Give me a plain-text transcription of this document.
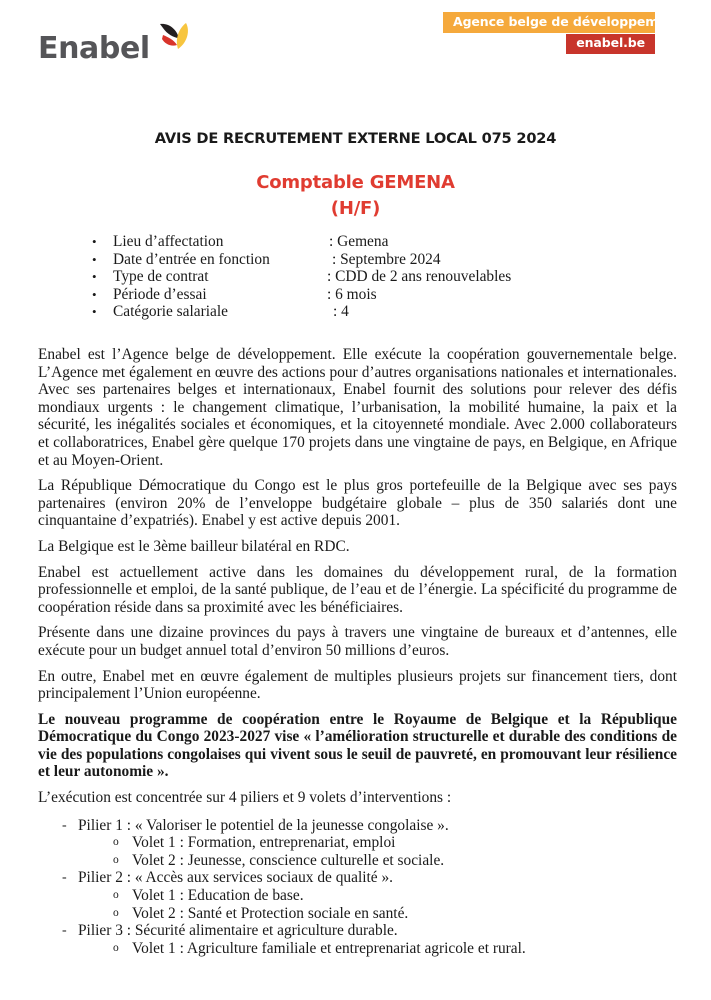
Enabel
Agence belge de développement
enabel.be
AVIS DE RECRUTEMENT EXTERNE LOCAL 075 2024
Comptable GEMENA
(H/F)
• Lieu d’affectation	: Gemena
• Date d’entrée en fonction	: Septembre 2024
• Type de contrat	: CDD de 2 ans renouvelables
• Période d’essai	: 6 mois
• Catégorie salariale	: 4

Enabel est l’Agence belge de développement. Elle exécute la coopération gouvernementale belge. L’Agence met également en œuvre des actions pour d’autres organisations nationales et internationales. Avec ses partenaires belges et internationaux, Enabel fournit des solutions pour relever des défis mondiaux urgents : le changement climatique, l’urbanisation, la mobilité humaine, la paix et la sécurité, les inégalités sociales et économiques, et la citoyenneté mondiale. Avec 2.000 collaborateurs et collaboratrices, Enabel gère quelque 170 projets dans une vingtaine de pays, en Belgique, en Afrique et au Moyen-Orient.

La République Démocratique du Congo est le plus gros portefeuille de la Belgique avec ses pays partenaires (environ 20% de l’enveloppe budgétaire globale – plus de 350 salariés dont une cinquantaine d’expatriés). Enabel y est active depuis 2001.

La Belgique est le 3ème bailleur bilatéral en RDC.

Enabel est actuellement active dans les domaines du développement rural, de la formation professionnelle et emploi, de la santé publique, de l’eau et de l’énergie. La spécificité du programme de coopération réside dans sa proximité avec les bénéficiaires.

Présente dans une dizaine provinces du pays à travers une vingtaine de bureaux et d’antennes, elle exécute pour un budget annuel total d’environ 50 millions d’euros.

En outre, Enabel met en œuvre également de multiples plusieurs projets sur financement tiers, dont principalement l’Union européenne.

Le nouveau programme de coopération entre le Royaume de Belgique et la République Démocratique du Congo 2023-2027 vise « l’amélioration structurelle et durable des conditions de vie des populations congolaises qui vivent sous le seuil de pauvreté, en promouvant leur résilience et leur autonomie ».

L’exécution est concentrée sur 4 piliers et 9 volets d’interventions :

- Pilier 1 : « Valoriser le potentiel de la jeunesse congolaise ».
o Volet 1 : Formation, entreprenariat, emploi
o Volet 2 : Jeunesse, conscience culturelle et sociale.
- Pilier 2 : « Accès aux services sociaux de qualité ».
o Volet 1 : Education de base.
o Volet 2 : Santé et Protection sociale en santé.
- Pilier 3 : Sécurité alimentaire et agriculture durable.
o Volet 1 : Agriculture familiale et entreprenariat agricole et rural.
